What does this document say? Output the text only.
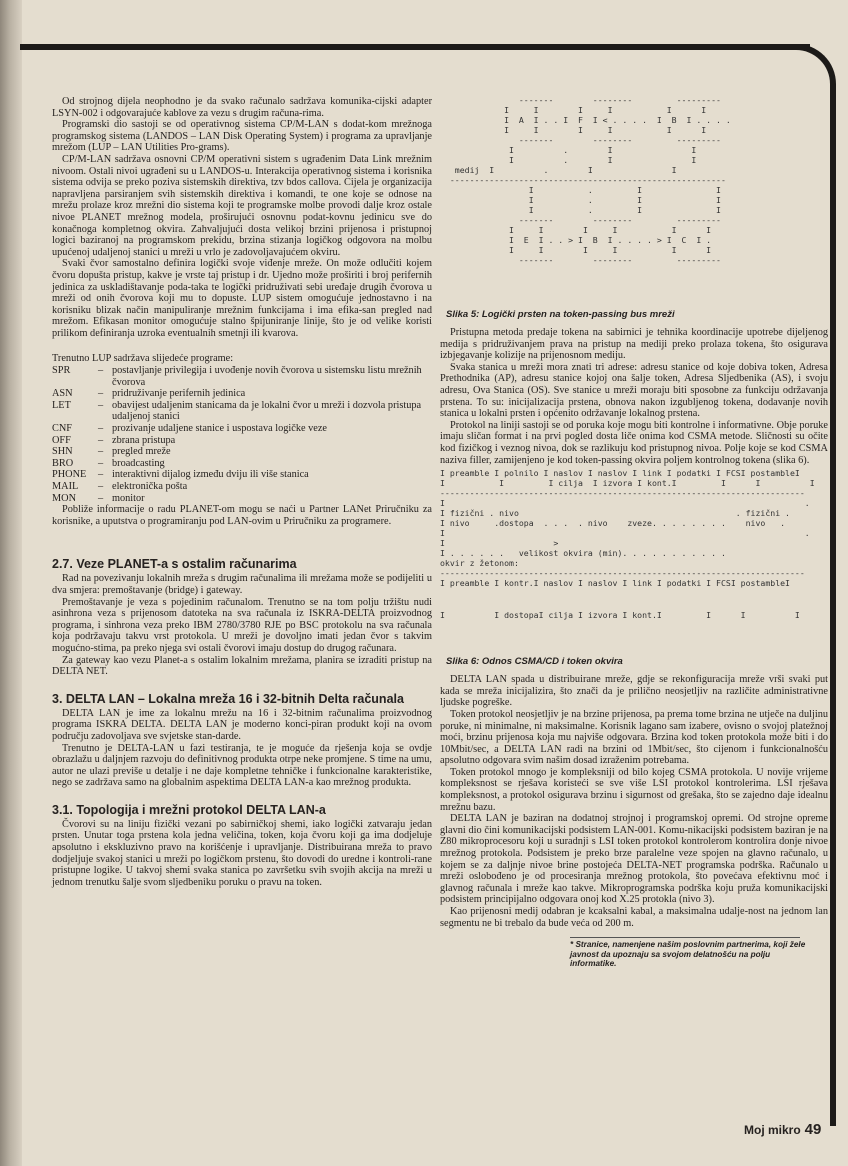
Od strojnog dijela neophodno je da svako računalo sadržava komunika-cijski adapter LSYN-002 i odgovarajuće kablove za vezu s drugim računa-rima.

Programski dio sastoji se od operativnog sistema CP/M-LAN s dodat-kom mrežnoga programskog sistema (LANDOS – LAN Disk Operating System) i programa za upravljanje mrežom (LUP – LAN Utilities Pro-grams).

CP/M-LAN sadržava osnovni CP/M operativni sistem s ugrađenim Data Link mrežnim nivoom. Ostali nivoi ugrađeni su u LANDOS-u. Interakcija operativnog sistema i korisnika sistema odvija se preko poziva sistemskih direktiva, tzv bdos callova. Cijela je organizacija napravljena parsiranjem svih sistemskih direktiva i komandi, te one koje se odnose na mrežu prolaze kroz mrežni dio sistema koji te programske molbe provodi dalje kroz ostale nivoe PLANET mrežnog modela, proširujući osnovnu podat-kovnu jedinicu sve do konačnoga kompletnog okvira. Zahvaljujući dosta velikoj brzini prijenosa i pristupnoj logici baziranoj na programskom prekidu, brzina stizanja logičkog odgovora na molbu upućenoj udaljenoj stanici u mreži u vrlo je zadovoljavajućem okviru.

Svaki čvor samostalno definira logički svoje viđenje mreže. On može odlučiti kojem čvoru dopušta pristup, kakve je vrste taj pristup i dr. Ujedno može proširiti i broj perifernih jedinica za uskladištavanje poda-taka te logički pridruživati sebi uređaje drugih čvorova u mreži od onih čvorova koji mu to dopuste. LUP sistem omogućuje jednostavno i na korisniku blizak način manipuliranje mrežnim funkcijama i ima efika-san pregled nad mrežom. Efikasan monitor omogućuje stalno špijuniranje linije, što je od velike koristi prilikom definiranja uzroka eventualnih smetnji ili kvarova.

Trenutno LUP sadržava slijedeće programe:

SPR	–	postavljanje privilegija i uvođenje novih čvorova u sistemsku listu mrežnih čvorova
ASN	–	pridruživanje perifernih jedinica
LET	–	obavijest udaljenim stanicama da je lokalni čvor u mreži i dozvola pristupa udaljenoj stanici
CNF	–	prozivanje udaljene stanice i uspostava logičke veze
OFF	–	zbrana pristupa
SHN	–	pregled mreže
BRO	–	broadcasting
PHONE	–	interaktivni dijalog između dviju ili više stanica
MAIL	–	elektronička pošta
MON	–	monitor

Pobliže informacije o radu PLANET-om mogu se naći u Partner LANet Priručniku za korisnike, a uputstva o programiranju pod LAN-ovim u Priručniku za programere.

2.7. Veze PLANET-a s ostalim računarima

Rad na povezivanju lokalnih mreža s drugim računalima ili mrežama može se podijeliti u dva smjera: premoštavanje (bridge) i gateway.

Premoštavanje je veza s pojedinim računalom. Trenutno se na tom polju tržištu nudi asinhrona veza s prijenosom datoteka na sva računala iz ISKRA-DELTA proizvodnog programa, i sinhrona veza preko IBM 2780/3780 RJE po BSC protokolu na sva računala koja podržavaju takvu vrst protokola. U mreži je dovoljno imati jedan čvor s takvim mogućno-stima, pa preko njega svi ostali čvorovi imaju dostup do drugog računara.

Za gateway kao vezu Planet-a s ostalim lokalnim mrežama, planira se izraditi pristup na DELTA NET.

3. DELTA LAN – Lokalna mreža 16 i 32-bitnih Delta računala

DELTA LAN je ime za lokalnu mrežu na 16 i 32-bitnim računalima proizvodnog programa ISKRA DELTA. DELTA LAN je moderno konci-piran produkt koji na ovom području zadovoljava sve svjetske stan-darde.

Trenutno je DELTA-LAN u fazi testiranja, te je moguće da rješenja koja se ovdje obrazlažu u daljnjem razvoju do definitivnog produkta otrpe neke promjene. S time na umu, autor ne ulazi previše u detalje i ne daje kompletne tehničke i funkcionalne karakteristike, nego se zadržava samo na globalnim aspektima DELTA LAN-a kao mrežnog produkta.

3.1. Topologija i mrežni protokol DELTA LAN-a

Čvorovi su na liniju fizički vezani po sabirničkoj shemi, iako logički zatvaraju jedan prsten. Unutar toga prstena kola jedna veličina, token, koja čvoru koji ga ima dodjeluje apsolutno i ekskluzivno pravo na korišćenje i upravljanje. Distribuirana mreža to pravo dodjeljuje svakoj stanici u mreži po logičkom prstenu, što dovodi do uredne i kontroli-rane pristupne logike. U takvoj shemi svaka stanica po završetku svih svojih akcija na mreži u jednom trenutku šalje svom sljedbeniku poruku o pravu na token.

-------        --------         ---------
I     I        I     I           I      I
I  A  I . . I  F  I < . . . .  I  B  I . . . .
I     I        I     I           I      I
-------        --------         ---------
I          .        I                I
I          .        I                I
medij  I          .        I                I
--------------------------------------------------------
I           .         I               I
I           .         I               I
I           .         I               I
-------        --------         ---------
I     I        I     I           I      I
I  E  I . . > I  B  I . . . . > I  C  I .
I     I        I     I           I      I
-------        --------         ---------
Slika 5: Logički prsten na token-passing bus mreži

Pristupna metoda predaje tokena na sabirnici je tehnika koordinacije upotrebe dijeljenog medija s pridruživanjem prava na pristup na mediji preko prolaza tokena, što osigurava izbjegavanje kolizije na prijenosnom mediju.

Svaka stanica u mreži mora znati tri adrese: adresu stanice od koje dobiva token, Adresa Prethodnika (AP), adresu stanice kojoj ona šalje token, Adresa Sljedbenika (AS), i svoju adresu, Ova Stanica (OS). Sve stanice u mreži moraju biti sposobne za funkciju održavanja prstena. To su: inicijalizacija prstena, obnova nakon izgubljenog tokena, dodavanje novih stanica u lokalni prsten i općenito održavanje lokalnog prstena.

Protokol na liniji sastoji se od poruka koje mogu biti kontrolne i informativne. Obje poruke imaju sličan format i na prvi pogled dosta liče onima kod CSMA metode. Sličnosti su očite kod fizičkog i veznog nivoa, dok se razlikuju kod pristupnog nivoa. Polje koje se kod CSMA naziva filler, zamijenjeno je kod token-passing okvira poljem kontrolnog tokena (slika 6).

I preamble I polnilo I naslov I naslov I link I podatki I FCSI postambleI
I           I         I cilja  I izvora I kont.I         I      I          I
--------------------------------------------------------------------------
I                                                                         .
I fizični . nivo                                            . fizični .
I nivo     .dostopa  . . .  . nivo    zveze. . . . . . . .    nivo   .
I                                                                         .
I                      >
I . . . . . .   velikost okvira (min). . . . . . . . . . .
okvir z žetonom:
--------------------------------------------------------------------------
I preamble I kontr.I naslov I naslov I link I podatki I FCSI postambleI
I          I dostopaI cilja I izvora I kont.I         I      I          I
Slika 6: Odnos CSMA/CD i token okvira

DELTA LAN spada u distribuirane mreže, gdje se rekonfiguracija mreže vrši svaki put kada se mreža inicijalizira, što znači da je prilično neosjetljiv na različite administrativne ljudske pogreške.

Token protokol neosjetljiv je na brzine prijenosa, pa prema tome brzina ne utječe na duljinu poruke, ni minimalne, ni maksimalne. Korisnik lagano sam izabere, ovisno o svojoj platežnoj moći, brzinu prijenosa koja mu najviše odgovara. Brzina kod token protokola može biti i do 10Mbit/sec, a DELTA LAN radi na brzini od 1Mbit/sec, što cijenom i funkcionalnošću apsolutno odgovara svim našim dosad izraženim potrebama.

Token protokol mnogo je kompleksniji od bilo kojeg CSMA protokola. U novije vrijeme kompleksnost se rješava koristeći se sve više LSI protokol kontrolerima. LSI rješava kompleksnost, a protokol osigurava brzinu i sigurnost od grešaka, što se zajedno daje idealnu mrežnu bazu.

DELTA LAN je baziran na dodatnoj strojnoj i programskoj opremi. Od strojne opreme glavni dio čini komunikacijski podsistem LAN-001. Komu-nikacijski podsistem baziran je na Z80 mikroprocesoru koji u suradnji s LSI token protokol kontrolerom kontrolira donje nivoe mrežnog protokola. Podsistem je preko brze paralelne veze spojen na glavno računalo, u kojem se za daljnje nivoe brine postojeća DELTA-NET programska podrška. Računalo u mreži oslobođeno je od procesiranja mrežnog protokola, što povećava efektivnu moć i glavnog računala i mreže kao takve. Mikroprogramska podrška koju pruža komunikacijski podsistem principijalno odgovara onoj kod X.25 protokla (nivo 3).

Kao prijenosni medij odabran je kcaksalni kabal, a maksimalna udalje-nost na jednom lan segmentu ne bi trebalo da bude veća od 200 m.

* Stranice, namenjene našim poslovnim partnerima, koji žele javnost da upoznaju sa svojom delatnošću na polju informatike.
Moj mikro 49
